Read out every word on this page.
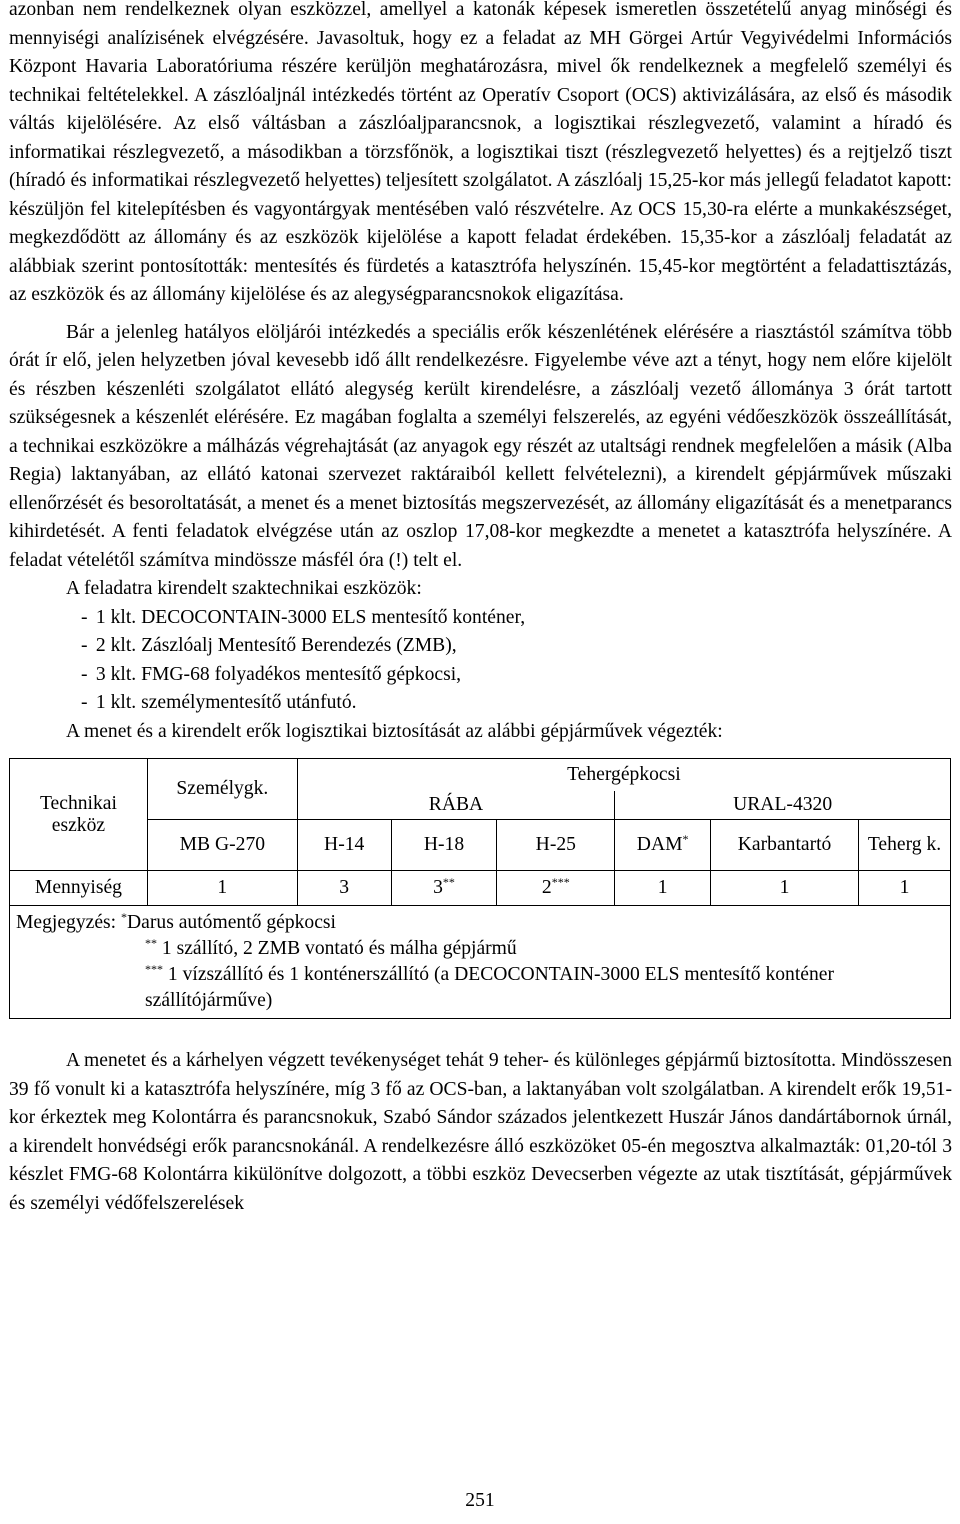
azonban nem rendelkeznek olyan eszközzel, amellyel a katonák képesek ismeretlen összetételű anyag minőségi és mennyiségi analízisének elvégzésére. Javasoltuk, hogy ez a feladat az MH Görgei Artúr Vegyivédelmi Információs Központ Havaria Laboratóriuma részére kerüljön meghatározásra, mivel ők rendelkeznek a megfelelő személyi és technikai feltételekkel. A zászlóaljnál intézkedés történt az Operatív Csoport (OCS) aktivizálására, az első és második váltás kijelölésére. Az első váltásban a zászlóaljparancsnok, a logisztikai részlegvezető, valamint a híradó és informatikai részlegvezető, a másodikban a törzsfőnök, a logisztikai tiszt (részlegvezető helyettes) és a rejtjelző tiszt (híradó és informatikai részlegvezető helyettes) teljesített szolgálatot. A zászlóalj 15,25-kor más jellegű feladatot kapott: készüljön fel kitelepítésben és vagyontárgyak mentésében való részvételre. Az OCS 15,30-ra elérte a munkakészséget, megkezdődött az állomány és az eszközök kijelölése a kapott feladat érdekében. 15,35-kor a zászlóalj feladatát az alábbiak szerint pontosították: mentesítés és fürdetés a katasztrófa helyszínén. 15,45-kor megtörtént a feladattisztázás, az eszközök és az állomány kijelölése és az alegységparancsnokok eligazítása.

Bár a jelenleg hatályos elöljárói intézkedés a speciális erők készenlétének elérésére a riasztástól számítva több órát ír elő, jelen helyzetben jóval kevesebb idő állt rendelkezésre. Figyelembe véve azt a tényt, hogy nem előre kijelölt és részben készenléti szolgálatot ellátó alegység került kirendelésre, a zászlóalj vezető állománya 3 órát tartott szükségesnek a készenlét elérésére. Ez magában foglalta a személyi felszerelés, az egyéni védőeszközök összeállítását, a technikai eszközökre a málházás végrehajtását (az anyagok egy részét az utaltsági rendnek megfelelően a másik (Alba Regia) laktanyában, az ellátó katonai szervezet raktáraiból kellett felvételezni), a kirendelt gépjárművek műszaki ellenőrzését és besoroltatását, a menet és a menet biztosítás megszervezését, az állomány eligazítását és a menetparancs kihirdetését. A fenti feladatok elvégzése után az oszlop 17,08-kor megkezdte a menetet a katasztrófa helyszínére. A feladat vételétől számítva mindössze másfél óra (!) telt el.

A feladatra kirendelt szaktechnikai eszközök:

- 1 klt. DECOCONTAIN-3000 ELS mentesítő konténer,
- 2 klt. Zászlóalj Mentesítő Berendezés (ZMB),
- 3 klt. FMG-68 folyadékos mentesítő gépkocsi,
- 1 klt. személymentesítő utánfutó.

A menet és a kirendelt erők logisztikai biztosítását az alábbi gépjárművek végezték:

Technikai eszköz	Személygk.	Tehergépkocsi					
		RÁBA			URAL-4320		
	MB G-270	H-14	H-18	H-25	DAM*	Karbantartó	Teherg k.
Mennyiség	1	3	3**	2***	1	1	1

Megjegyzés: *Darus autómentő gépkocsi
** 1 szállító, 2 ZMB vontató és málha gépjármű
*** 1 vízszállító és 1 konténerszállító (a DECOCONTAIN-3000 ELS mentesítő konténer szállítójárműve)							

A menetet és a kárhelyen végzett tevékenységet tehát 9 teher- és különleges gépjármű biztosította. Mindösszesen 39 fő vonult ki a katasztrófa helyszínére, míg 3 fő az OCS-ban, a laktanyában volt szolgálatban. A kirendelt erők 19,51-kor érkeztek meg Kolontárra és parancsnokuk, Szabó Sándor százados jelentkezett Huszár János dandártábornok úrnál, a kirendelt honvédségi erők parancsnokánál. A rendelkezésre álló eszközöket 05-én megosztva alkalmazták: 01,20-tól 3 készlet FMG-68 Kolontárra kikülönítve dolgozott, a többi eszköz Devecserben végezte az utak tisztítását, gépjárművek és személyi védőfelszerelések

251
